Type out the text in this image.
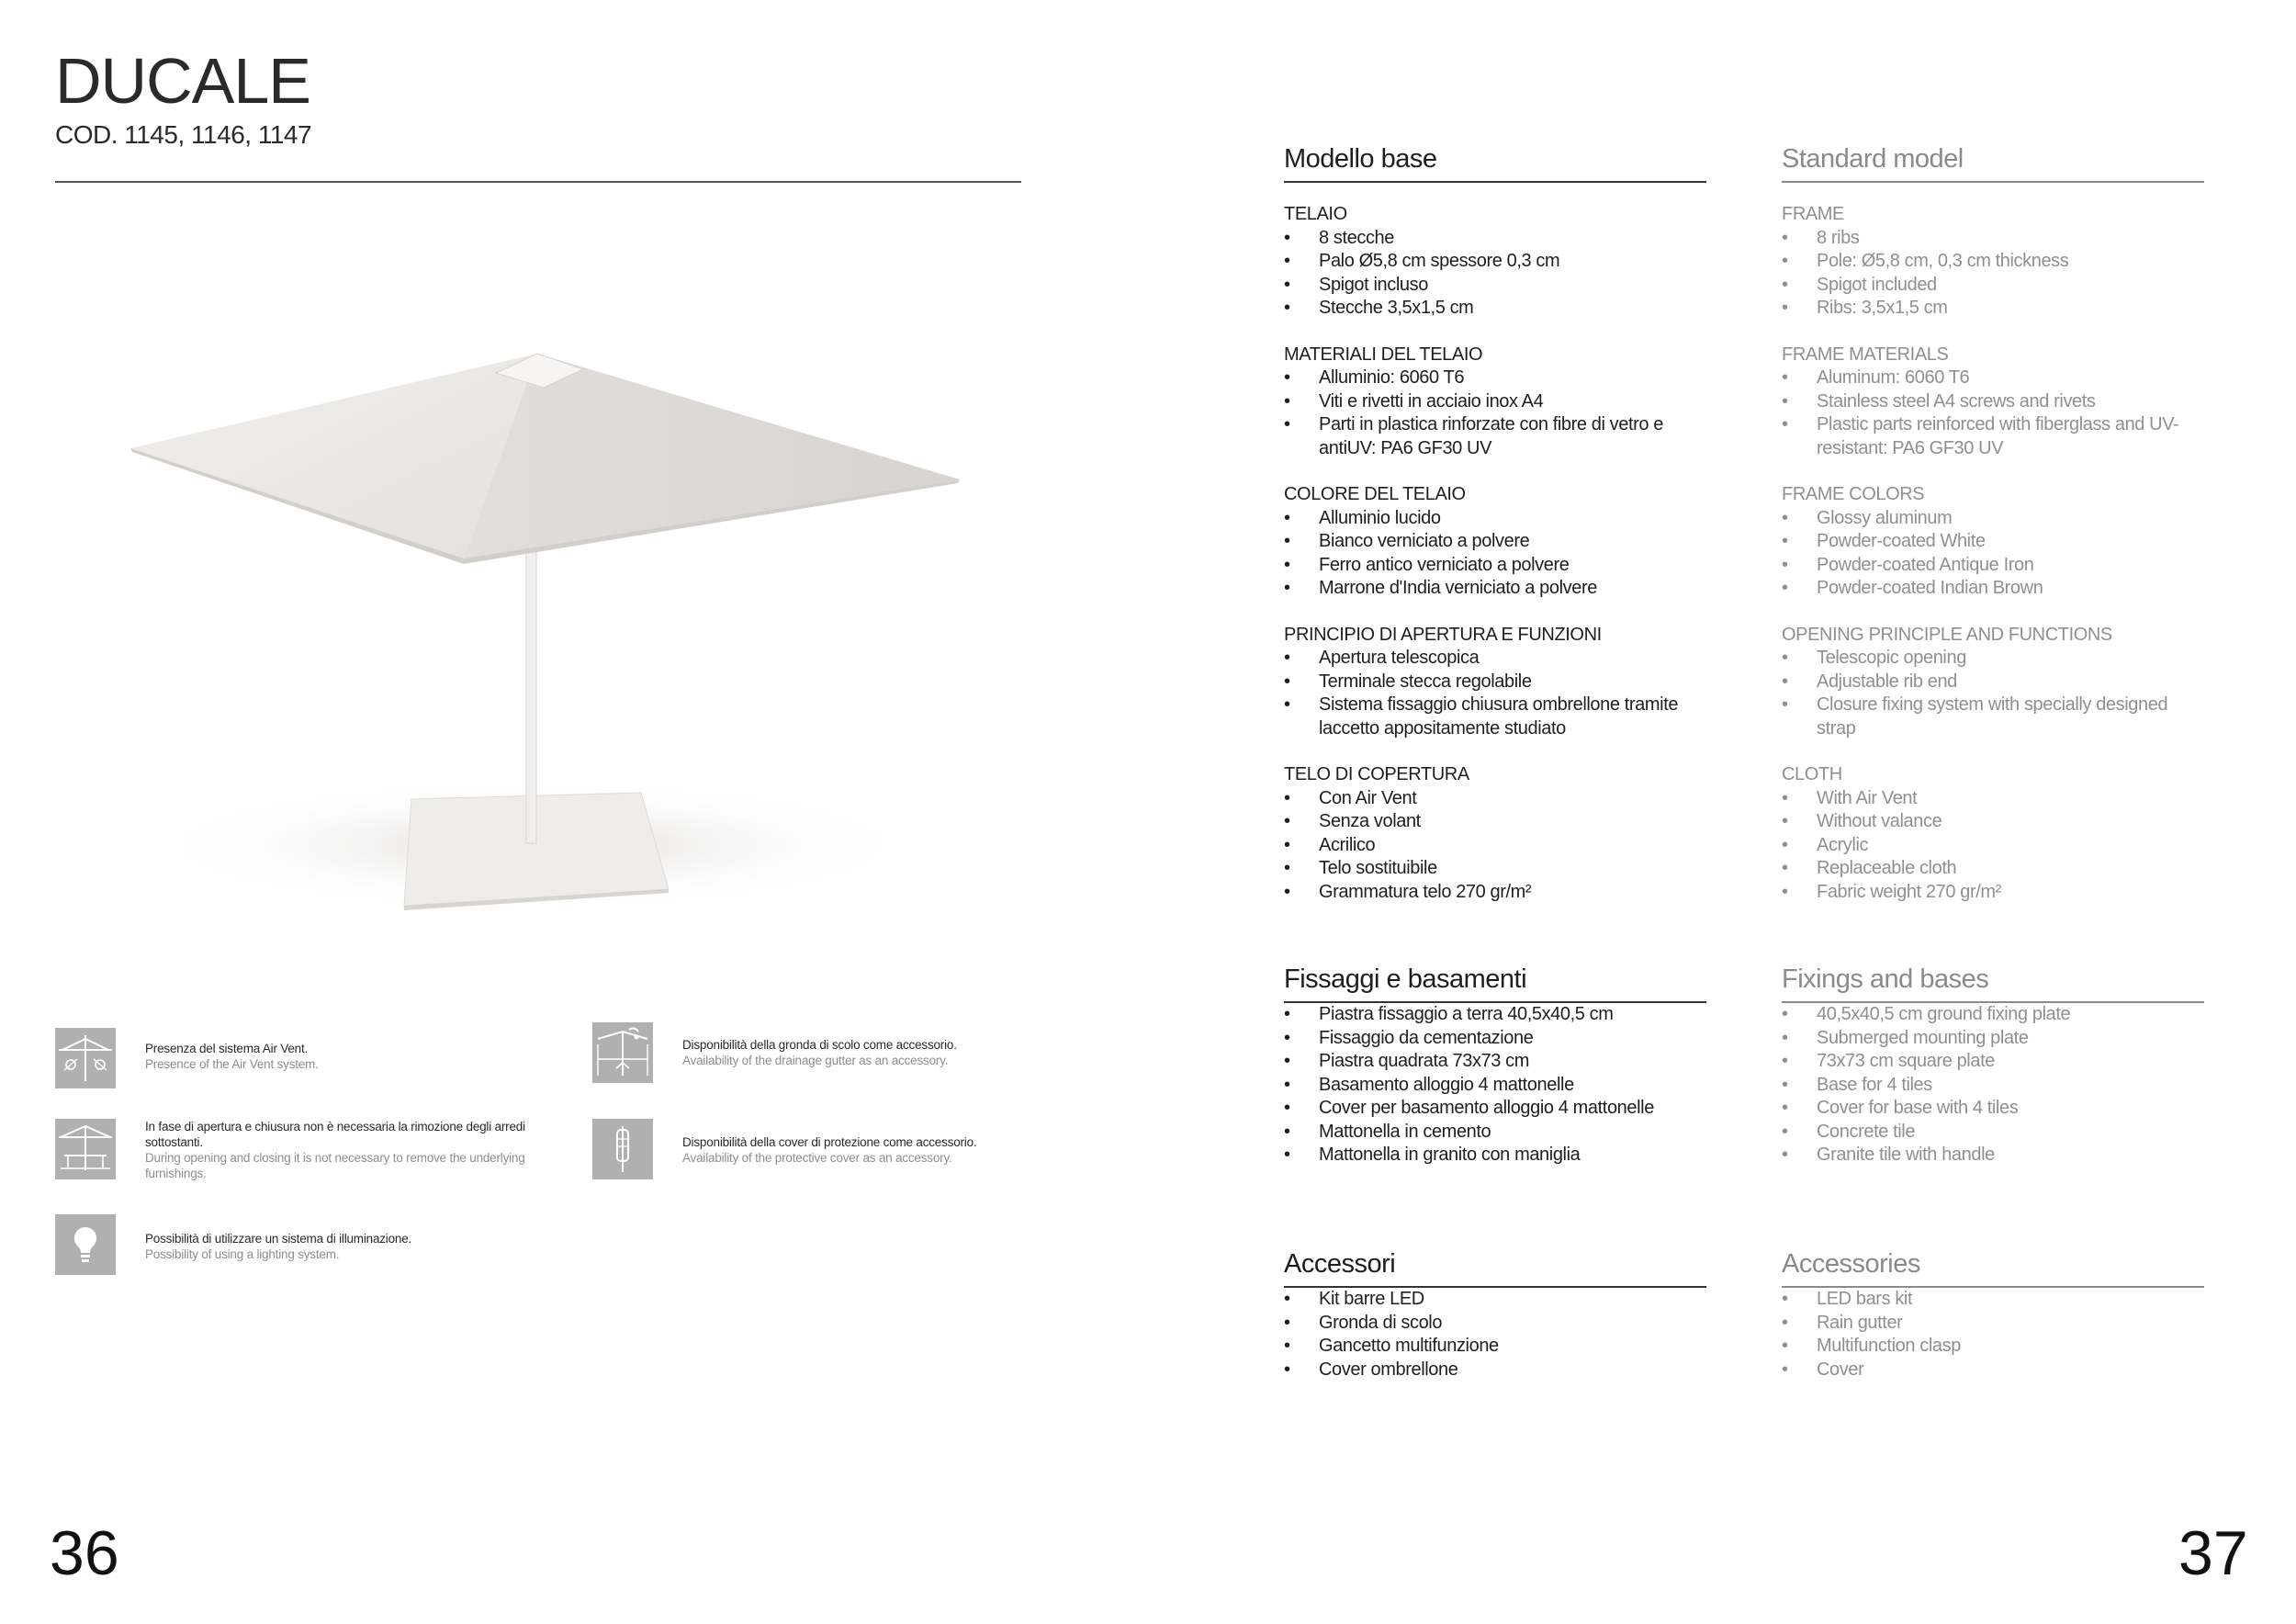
DUCALE
COD. 1145, 1146, 1147
Presenza del sistema Air Vent.
Presence of the Air Vent system.
Disponibilità della gronda di scolo come accessorio.
Availability of the drainage gutter as an accessory.
In fase di apertura e chiusura non è necessaria la rimozione degli arredi sottostanti.
During opening and closing it is not necessary to remove the underlying furnishings.
Disponibilità della cover di protezione come accessorio.
Availability of the protective cover as an accessory.
Possibilità di utilizzare un sistema di illuminazione.
Possibility of using a lighting system.
36
Modello base
TELAIO
• 8 stecche
• Palo Ø5,8 cm spessore 0,3 cm
• Spigot incluso
• Stecche 3,5x1,5 cm
MATERIALI DEL TELAIO
• Alluminio: 6060 T6
• Viti e rivetti in acciaio inox A4
• Parti in plastica rinforzate con fibre di vetro e antiUV: PA6 GF30 UV
COLORE DEL TELAIO
• Alluminio lucido
• Bianco verniciato a polvere
• Ferro antico verniciato a polvere
• Marrone d'India verniciato a polvere
PRINCIPIO DI APERTURA E FUNZIONI
• Apertura telescopica
• Terminale stecca regolabile
• Sistema fissaggio chiusura ombrellone tramite laccetto appositamente studiato
TELO DI COPERTURA
• Con Air Vent
• Senza volant
• Acrilico
• Telo sostituibile
• Grammatura telo 270 gr/m²
Fissaggi e basamenti
• Piastra fissaggio a terra 40,5x40,5 cm
• Fissaggio da cementazione
• Piastra quadrata 73x73 cm
• Basamento alloggio 4 mattonelle
• Cover per basamento alloggio 4 mattonelle
• Mattonella in cemento
• Mattonella in granito con maniglia
Accessori
• Kit barre LED
• Gronda di scolo
• Gancetto multifunzione
• Cover ombrellone
Standard model
FRAME
• 8 ribs
• Pole: Ø5,8 cm, 0,3 cm thickness
• Spigot included
• Ribs: 3,5x1,5 cm
FRAME MATERIALS
• Aluminum: 6060 T6
• Stainless steel A4 screws and rivets
• Plastic parts reinforced with fiberglass and UV-resistant: PA6 GF30 UV
FRAME COLORS
• Glossy aluminum
• Powder-coated White
• Powder-coated Antique Iron
• Powder-coated Indian Brown
OPENING PRINCIPLE AND FUNCTIONS
• Telescopic opening
• Adjustable rib end
• Closure fixing system with specially designed strap
CLOTH
• With Air Vent
• Without valance
• Acrylic
• Replaceable cloth
• Fabric weight 270 gr/m²
Fixings and bases
• 40,5x40,5 cm ground fixing plate
• Submerged mounting plate
• 73x73 cm square plate
• Base for 4 tiles
• Cover for base with 4 tiles
• Concrete tile
• Granite tile with handle
Accessories
• LED bars kit
• Rain gutter
• Multifunction clasp
• Cover
37
